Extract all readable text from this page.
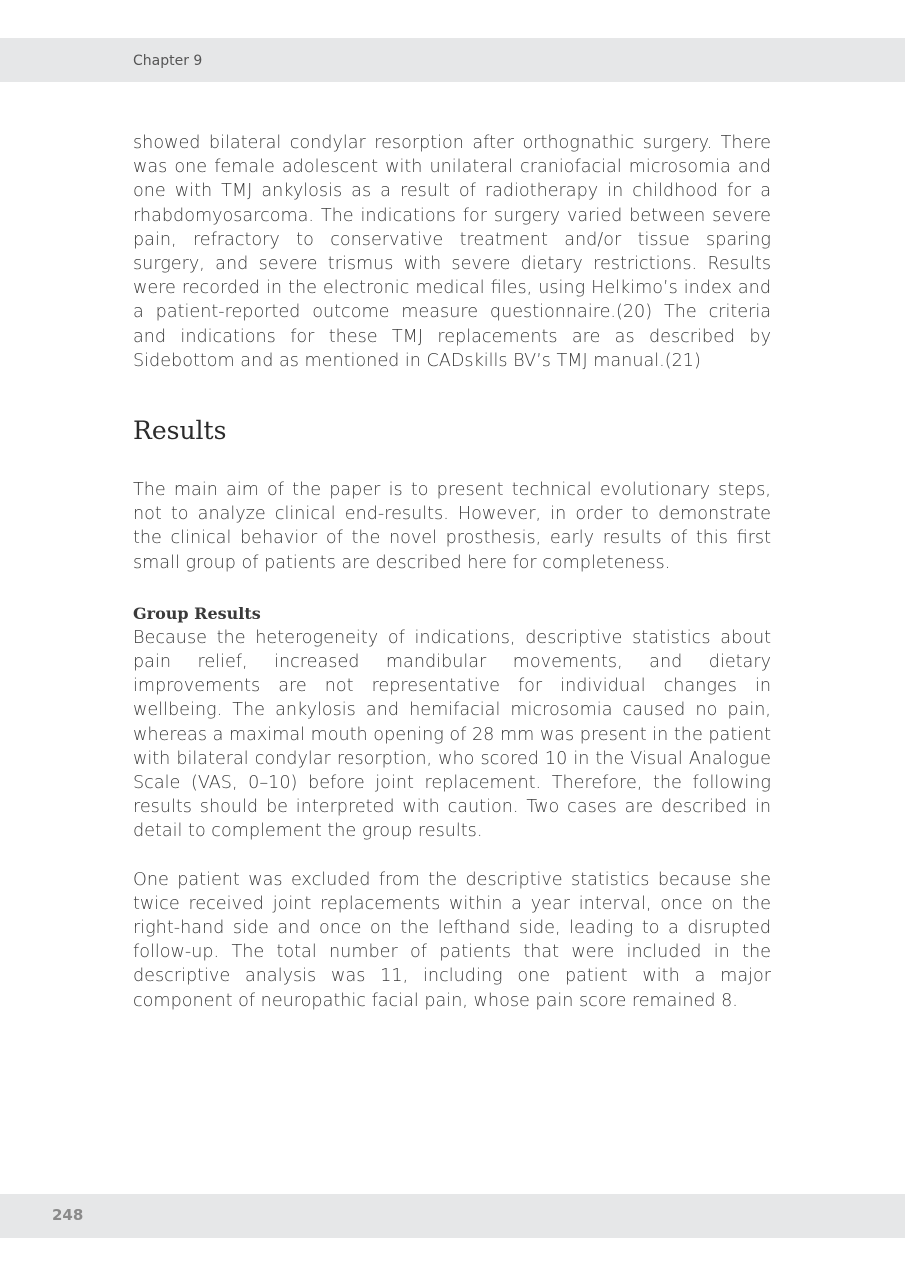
Chapter 9

showed bilateral condylar resorption after orthognathic surgery. There was one female adolescent with unilateral craniofacial microsomia and one with TMJ ankylosis as a result of radiotherapy in childhood for a rhabdomyosarcoma. The indications for surgery varied between severe pain, refractory to conservative treatment and/or tissue sparing surgery, and severe trismus with severe dietary restrictions. Results were recorded in the electronic medical files, using Helkimo’s index and a patient-reported outcome measure questionnaire.(20) The criteria and indications for these TMJ replacements are as described by Sidebottom and as mentioned in CADskills BV’s TMJ manual.(21)

Results

The main aim of the paper is to present technical evolutionary steps, not to analyze clinical end-results. However, in order to demonstrate the clinical behavior of the novel prosthesis, early results of this first small group of patients are described here for completeness.

Group Results

Because the heterogeneity of indications, descriptive statistics about pain relief, increased mandibular movements, and dietary improvements are not representative for individual changes in wellbeing. The ankylosis and hemifacial microsomia caused no pain, whereas a maximal mouth opening of 28 mm was present in the patient with bilateral condylar resorption, who scored 10 in the Visual Analogue Scale (VAS, 0–10) before joint replacement. Therefore, the following results should be interpreted with caution. Two cases are described in detail to complement the group results.

One patient was excluded from the descriptive statistics because she twice received joint replacements within a year interval, once on the right-hand side and once on the lefthand side, leading to a disrupted follow-up. The total number of patients that were included in the descriptive analysis was 11, including one patient with a major component of neuropathic facial pain, whose pain score remained 8.

248
